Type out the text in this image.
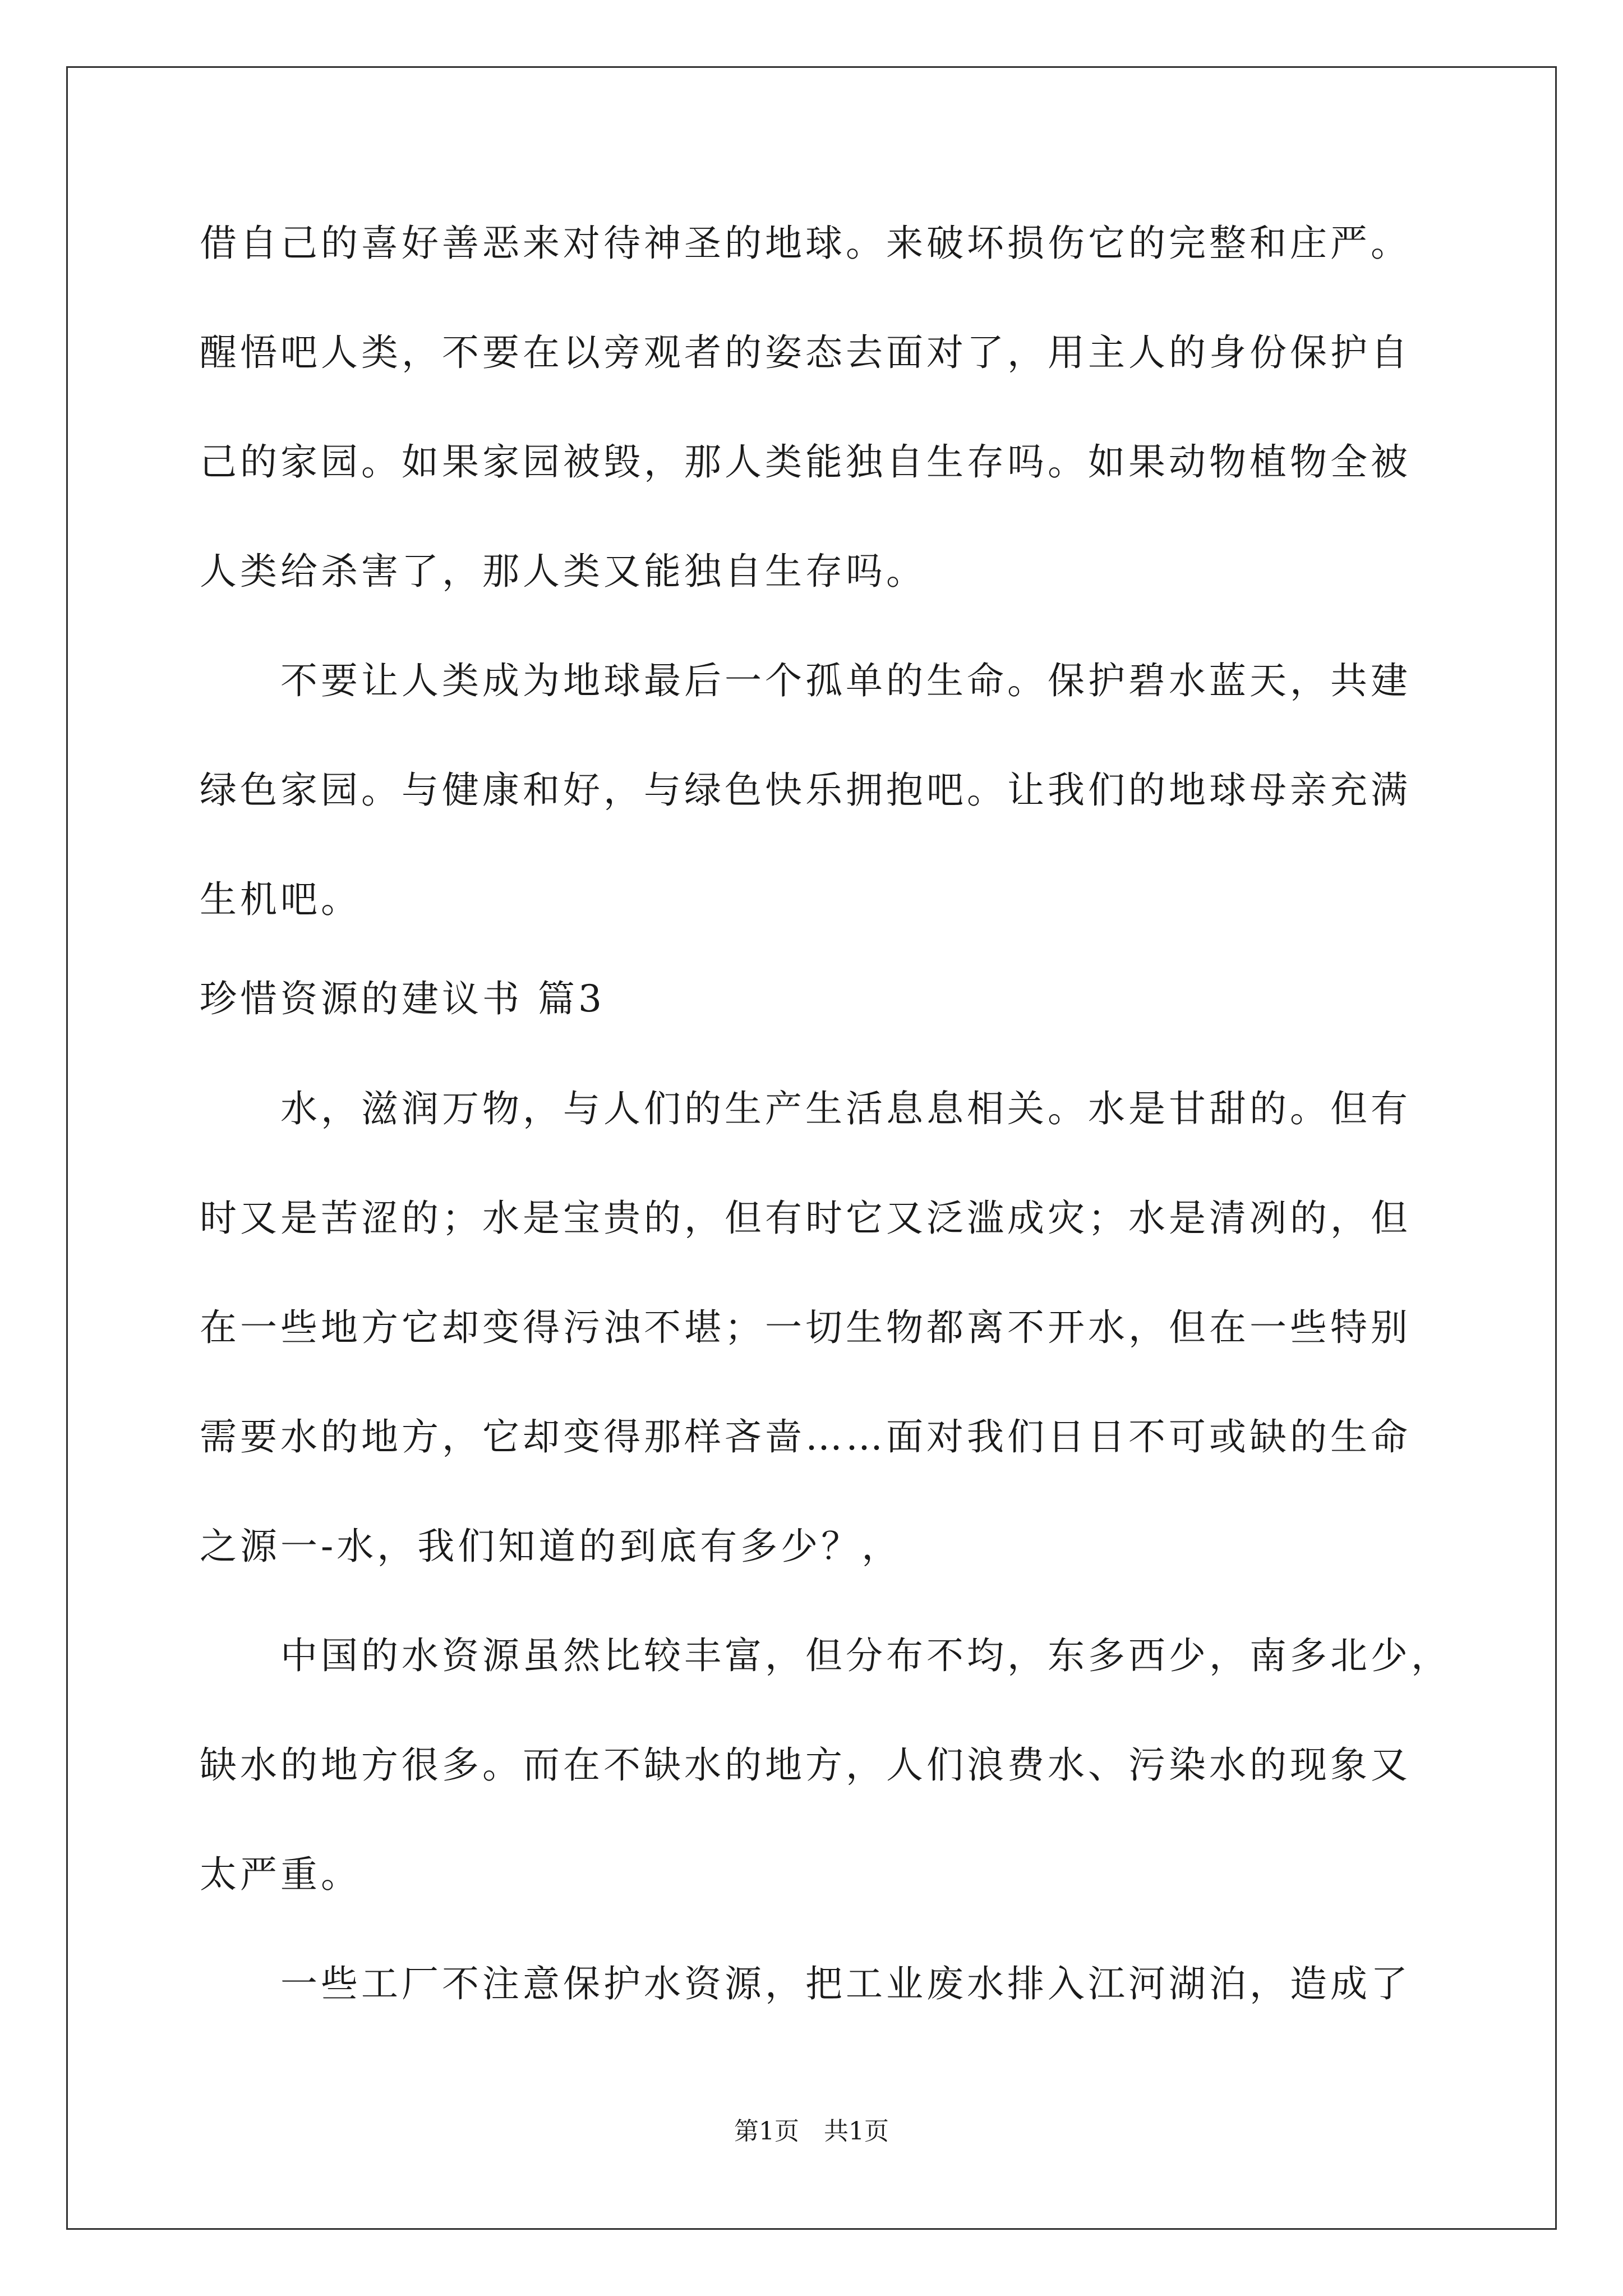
借自己的喜好善恶来对待神圣的地球。来破坏损伤它的完整和庄严。
醒悟吧人类，不要在以旁观者的姿态去面对了，用主人的身份保护自
己的家园。如果家园被毁，那人类能独自生存吗。如果动物植物全被
人类给杀害了，那人类又能独自生存吗。
　　不要让人类成为地球最后一个孤单的生命。保护碧水蓝天，共建
绿色家园。与健康和好，与绿色快乐拥抱吧。让我们的地球母亲充满
生机吧。
珍惜资源的建议书 篇3
　　水，滋润万物，与人们的生产生活息息相关。水是甘甜的。但有
时又是苦涩的；水是宝贵的，但有时它又泛滥成灾；水是清冽的，但
在一些地方它却变得污浊不堪；一切生物都离不开水，但在一些特别
需要水的地方，它却变得那样吝啬……面对我们日日不可或缺的生命
之源一-水，我们知道的到底有多少？，
　　中国的水资源虽然比较丰富，但分布不均，东多西少，南多北少，
缺水的地方很多。而在不缺水的地方，人们浪费水、污染水的现象又
太严重。
　　一些工厂不注意保护水资源，把工业废水排入江河湖泊，造成了
第1页　共1页
